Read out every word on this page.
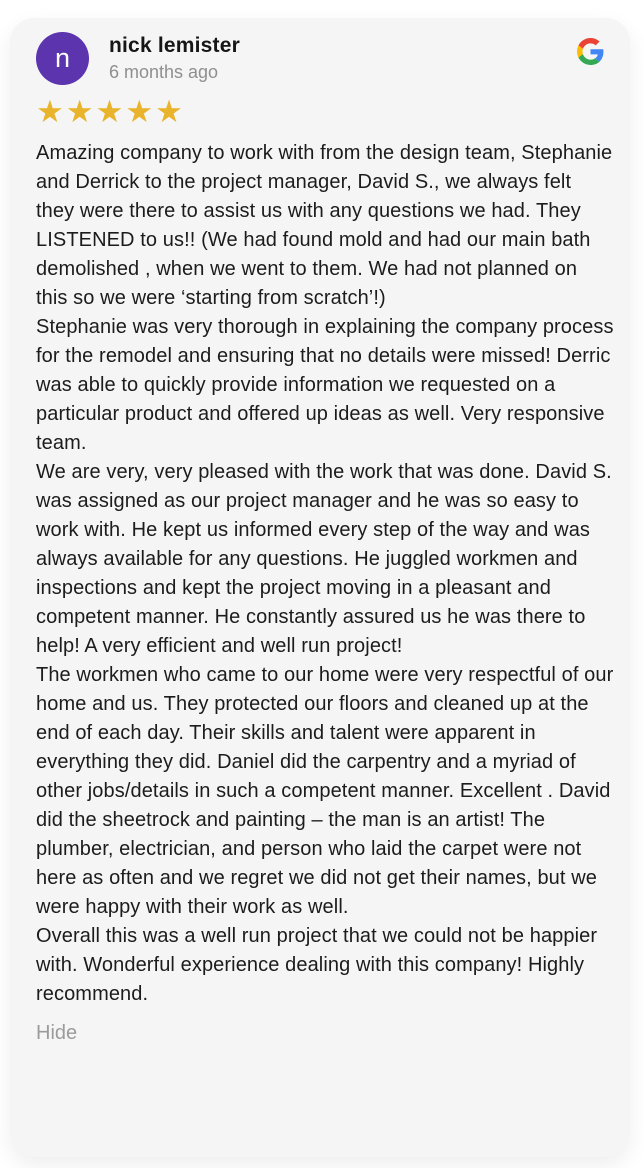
n nick lemister
6 months ago
★★★★★
Amazing company to work with from the design team, Stephanie and Derrick to the project manager, David S., we always felt they were there to assist us with any questions we had. They LISTENED to us!! (We had found mold and had our main bath demolished , when we went to them. We had not planned on this so we were ‘starting from scratch’!)
Stephanie was very thorough in explaining the company process for the remodel and ensuring that no details were missed! Derric was able to quickly provide information we requested on a particular product and offered up ideas as well. Very responsive team.
We are very, very pleased with the work that was done. David S. was assigned as our project manager and he was so easy to work with. He kept us informed every step of the way and was always available for any questions. He juggled workmen and inspections and kept the project moving in a pleasant and competent manner. He constantly assured us he was there to help! A very efficient and well run project!
The workmen who came to our home were very respectful of our home and us. They protected our floors and cleaned up at the end of each day. Their skills and talent were apparent in everything they did. Daniel did the carpentry and a myriad of other jobs/details in such a competent manner. Excellent . David did the sheetrock and painting – the man is an artist! The plumber, electrician, and person who laid the carpet were not here as often and we regret we did not get their names, but we were happy with their work as well.
Overall this was a well run project that we could not be happier with. Wonderful experience dealing with this company! Highly recommend.
Hide
